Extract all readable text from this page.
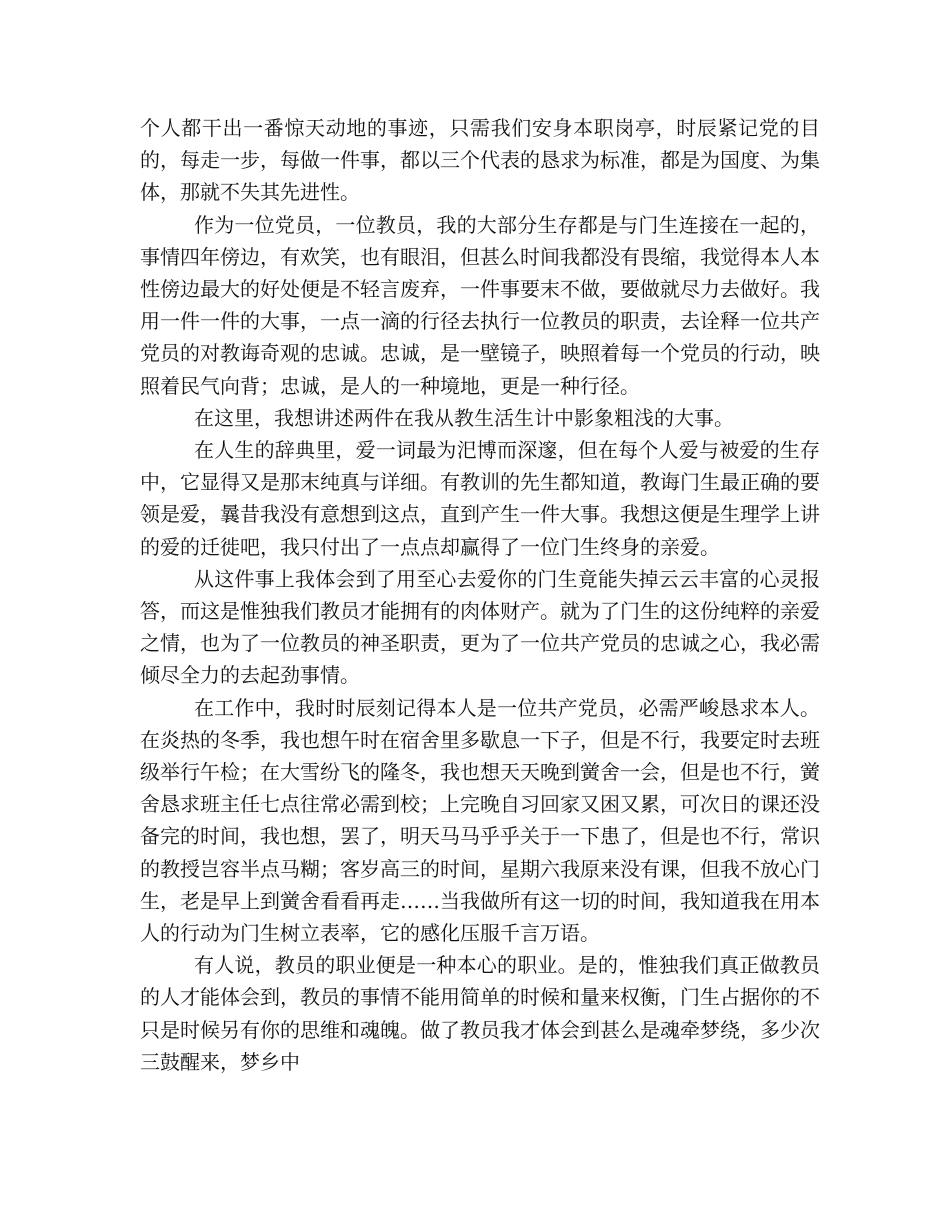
个人都干出一番惊天动地的事迹，只需我们安身本职岗亭，时辰紧记党的目的，每走一步，每做一件事，都以三个代表的恳求为标准，都是为国度、为集体，那就不失其先进性。

作为一位党员，一位教员，我的大部分生存都是与门生连接在一起的，事情四年傍边，有欢笑，也有眼泪，但甚么时间我都没有畏缩，我觉得本人本性傍边最大的好处便是不轻言废弃，一件事要末不做，要做就尽力去做好。我用一件一件的大事，一点一滴的行径去执行一位教员的职责，去诠释一位共产党员的对教诲奇观的忠诚。忠诚，是一壁镜子，映照着每一个党员的行动，映照着民气向背；忠诚，是人的一种境地，更是一种行径。

在这里，我想讲述两件在我从教生活生计中影象粗浅的大事。

在人生的辞典里，爱一词最为汜博而深邃，但在每个人爱与被爱的生存中，它显得又是那末纯真与详细。有教训的先生都知道，教诲门生最正确的要领是爱，曩昔我没有意想到这点，直到产生一件大事。我想这便是生理学上讲的爱的迁徙吧，我只付出了一点点却赢得了一位门生终身的亲爱。

从这件事上我体会到了用至心去爱你的门生竟能失掉云云丰富的心灵报答，而这是惟独我们教员才能拥有的肉体财产。就为了门生的这份纯粹的亲爱之情，也为了一位教员的神圣职责，更为了一位共产党员的忠诚之心，我必需倾尽全力的去起劲事情。

在工作中，我时时辰刻记得本人是一位共产党员，必需严峻恳求本人。在炎热的冬季，我也想午时在宿舍里多歇息一下子，但是不行，我要定时去班级举行午检；在大雪纷飞的隆冬，我也想天天晚到黉舍一会，但是也不行，黉舍恳求班主任七点往常必需到校；上完晚自习回家又困又累，可次日的课还没备完的时间，我也想，罢了，明天马马乎乎关于一下患了，但是也不行，常识的教授岂容半点马糊；客岁高三的时间，星期六我原来没有课，但我不放心门生，老是早上到黉舍看看再走……当我做所有这一切的时间，我知道我在用本人的行动为门生树立表率，它的感化压服千言万语。

有人说，教员的职业便是一种本心的职业。是的，惟独我们真正做教员的人才能体会到，教员的事情不能用简单的时候和量来权衡，门生占据你的不只是时候另有你的思维和魂魄。做了教员我才体会到甚么是魂牵梦绕，多少次三鼓醒来，梦乡中
